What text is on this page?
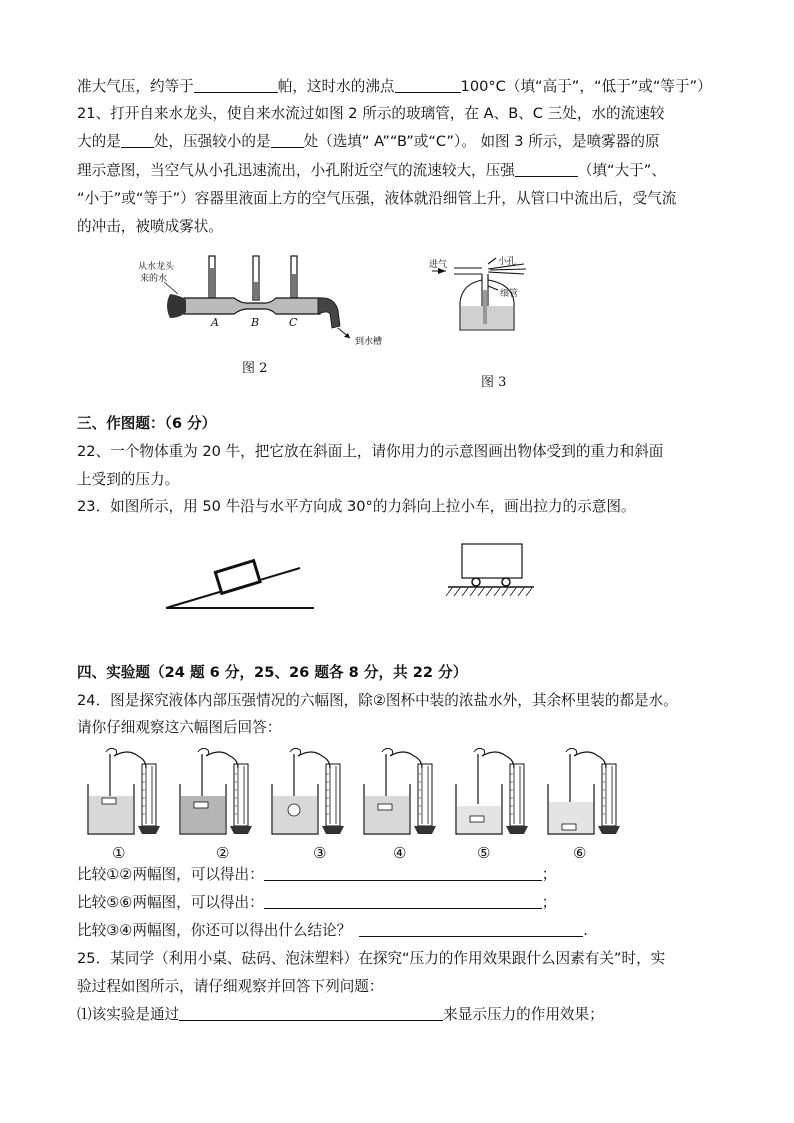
准大气压，约等于	帕，这时水的沸点	100°C（填“高于”，“低于”或“等于”）
21、打开自来水龙头，使自来水流过如图 2 所示的玻璃管，在 A、B、C 三处，水的流速较
大的是 处，压强较小的是 处（选填“ A”“B”或“C”）。 如图 3 所示，是喷雾器的原
理示意图，当空气从小孔迅速流出，小孔附近空气的流速较大，压强	（填“大于”、
“小于”或“等于”）容器里液面上方的空气压强，液体就沿细管上升，从管口中流出后，受气流
的冲击，被喷成雾状。
从水龙头
来的水
A	B	C
到水槽
图 2
进气	小孔
细管
图 3
三、作图题：（6 分）
22、一个物体重为 20 牛，把它放在斜面上，请你用力的示意图画出物体受到的重力和斜面
上受到的压力。
23．如图所示，用 50 牛沿与水平方向成 30°的力斜向上拉小车，画出拉力的示意图。
四、实验题（24 题 6 分，25、26 题各 8 分，共 22 分）
24．图是探究液体内部压强情况的六幅图，除②图杯中装的浓盐水外，其余杯里装的都是水。
请你仔细观察这六幅图后回答：
①	②	③	④	⑤	⑥
比较①②两幅图，可以得出：	；
比较⑤⑥两幅图，可以得出：	；
比较③④两幅图，你还可以得出什么结论？	.
25．某同学（利用小桌、砝码、泡沫塑料）在探究“压力的作用效果跟什么因素有关”时，实
验过程如图所示，请仔细观察并回答下列问题：
⑴该实验是通过	来显示压力的作用效果；
